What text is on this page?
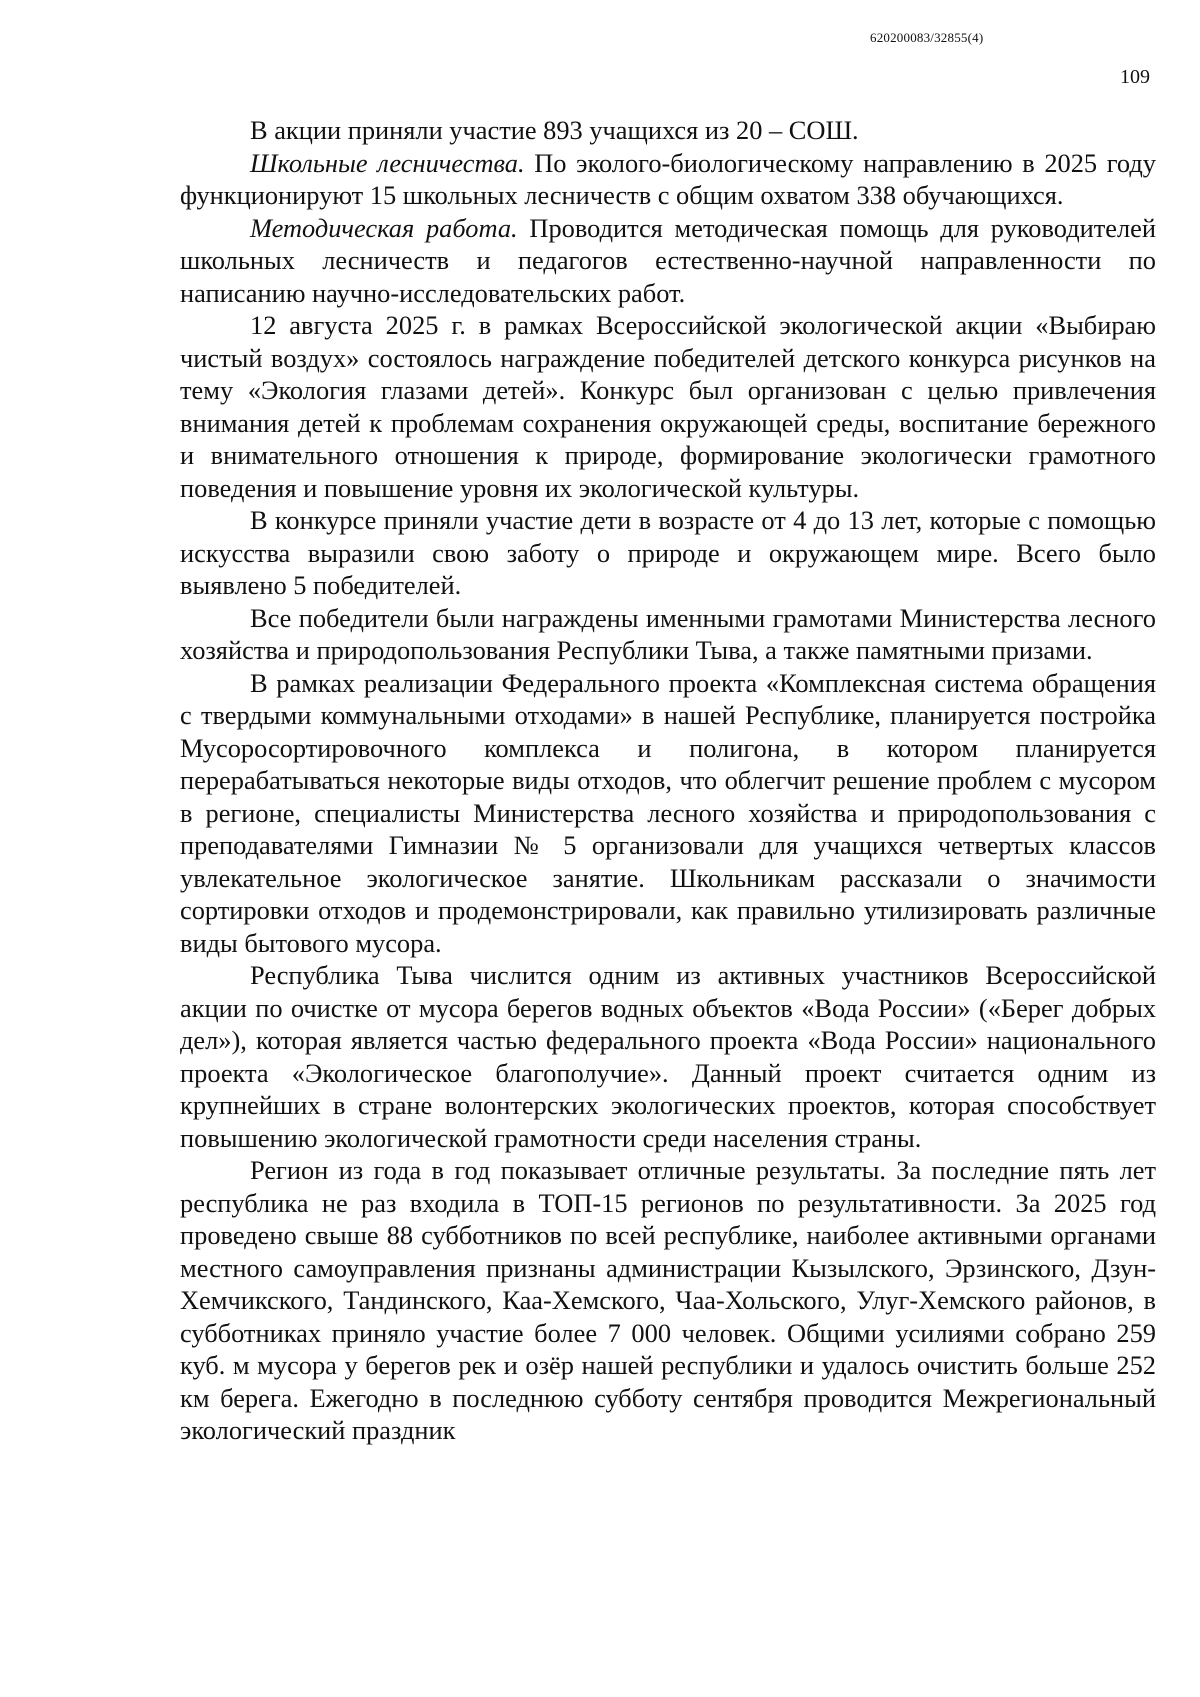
620200083/32855(4)
109

В акции приняли участие 893 учащихся из 20 – СОШ.

Школьные лесничества. По эколого-биологическому направлению в 2025 году функционируют 15 школьных лесничеств с общим охватом 338 обучающихся.

Методическая работа. Проводится методическая помощь для руководителей школьных лесничеств и педагогов естественно-научной направленности по написанию научно-исследовательских работ.

12 августа 2025 г. в рамках Всероссийской экологической акции «Выбираю чистый воздух» состоялось награждение победителей детского конкурса рисунков на тему «Экология глазами детей». Конкурс был организован с целью привлечения внимания детей к проблемам сохранения окружающей среды, воспитание бережного и внимательного отношения к природе, формирование экологически грамотного поведения и повышение уровня их экологической культуры.

В конкурсе приняли участие дети в возрасте от 4 до 13 лет, которые с помощью искусства выразили свою заботу о природе и окружающем мире. Всего было выявлено 5 победителей.

Все победители были награждены именными грамотами Министерства лесного хозяйства и природопользования Республики Тыва, а также памятными призами.

В рамках реализации Федерального проекта «Комплексная система обращения с твердыми коммунальными отходами» в нашей Республике, планируется постройка Мусоросортировочного комплекса и полигона, в котором планируется перерабатываться некоторые виды отходов, что облегчит решение проблем с мусором в регионе, специалисты Министерства лесного хозяйства и природопользования с преподавателями Гимназии № 5 организовали для учащихся четвертых классов увлекательное экологическое занятие. Школьникам рассказали о значимости сортировки отходов и продемонстрировали, как правильно утилизировать различные виды бытового мусора.

Республика Тыва числится одним из активных участников Всероссийской акции по очистке от мусора берегов водных объектов «Вода России» («Берег добрых дел»), которая является частью федерального проекта «Вода России» национального проекта «Экологическое благополучие». Данный проект считается одним из крупнейших в стране волонтерских экологических проектов, которая способствует повышению экологической грамотности среди населения страны.

Регион из года в год показывает отличные результаты. За последние пять лет республика не раз входила в ТОП-15 регионов по результативности. За 2025 год проведено свыше 88 субботников по всей республике, наиболее активными органами местного самоуправления признаны администрации Кызылского, Эрзинского, Дзун-Хемчикского, Тандинского, Каа-Хемского, Чаа-Хольского, Улуг-Хемского районов, в субботниках приняло участие более 7 000 человек. Общими усилиями собрано 259 куб. м мусора у берегов рек и озёр нашей республики и удалось очистить больше 252 км берега. Ежегодно в последнюю субботу сентября проводится Межрегиональный экологический праздник
